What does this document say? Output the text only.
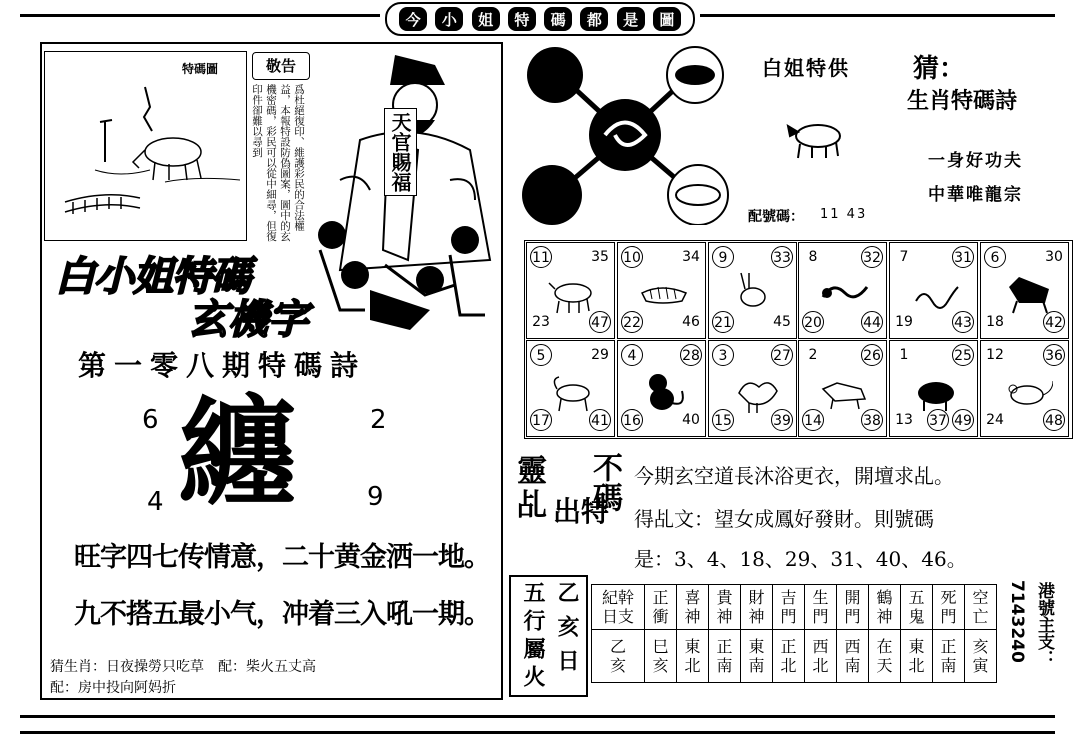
今	小	姐	特	碼	都	是	圖
特碼圖	敬告
爲杜絕復印、維護彩民的合法權益，本報特設防偽圖案，圖中的玄機密碼，彩民可以從中細尋，但復印件卻難以尋到	天官賜福
白小姐特碼
玄機字
第一零八期特碼詩
6	2
4	9
纏
旺字四七传情意，二十黄金洒一地。
九不搭五最小气，冲着三入吼一期。
猜生肖：日夜操勞只吃草　配：柴火五丈高
配：房中投向阿妈折
白姐特供 猜：
生肖特碼詩
一身好功夫
中華唯龍宗
配號碼： 11 43
11	35
23	47
10	34
22	46
9	33
21	45
8	32
20	44
7	31
19	43
6	30
18	42
5	29
17	41
4	28
16	40
3	27
15	39
2	26
14	38
1	25
13 37 49
12	36
24	48
靈乩 出特
不碼 今期玄空道長沐浴更衣，開壇求乩。
得乩文：望女成鳳好發財。則號碼
是：3、4、18、29、31、40、46。
五行屬火 乙亥日 紀幹日支	正衝	喜神	貴神	財神	吉門	生門	開門	鶴神	五鬼	死門	空亡

乙亥	巳亥	東北	正南	東南	正北	西北	西南	在天	東北	正南	亥寅	港號主支：
7143240
